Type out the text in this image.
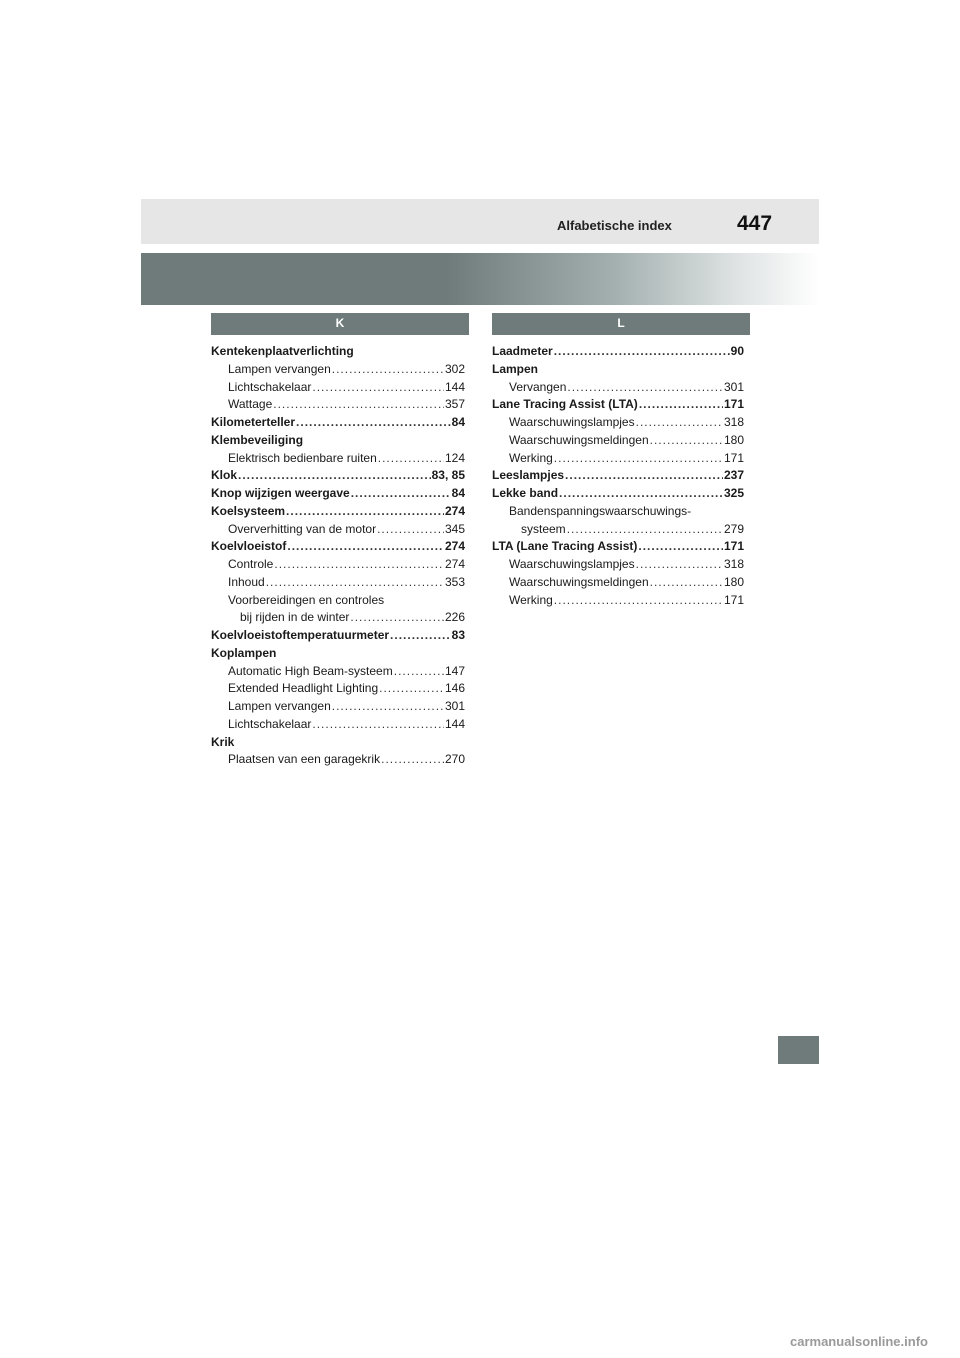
Alfabetische index	447
K	L
Kentekenplaatverlichting
Lampen vervangen .....	302
Lichtschakelaar .....	144
Wattage .....	357
Kilometerteller .....	84
Klembeveiliging
Elektrisch bedienbare ruiten .....	124
Klok .....	83, 85
Knop wijzigen weergave .....	84
Koelsysteem .....	274
Oververhitting van de motor .....	345
Koelvloeistof .....	274
Controle .....	274
Inhoud .....	353
Voorbereidingen en controles
bij rijden in de winter .....	226
Koelvloeistoftemperatuurmeter .....	83
Koplampen
Automatic High Beam-systeem .....	147
Extended Headlight Lighting .....	146
Lampen vervangen .....	301
Lichtschakelaar .....	144
Krik
Plaatsen van een garagekrik .....	270
Laadmeter .....	90
Lampen
Vervangen .....	301
Lane Tracing Assist (LTA) .....	171
Waarschuwingslampjes .....	318
Waarschuwingsmeldingen .....	180
Werking .....	171
Leeslampjes .....	237
Lekke band .....	325
Bandenspanningswaarschuwings-
systeem .....	279
LTA (Lane Tracing Assist) .....	171
Waarschuwingslampjes .....	318
Waarschuwingsmeldingen .....	180
Werking .....	171
carmanualsonline.info
